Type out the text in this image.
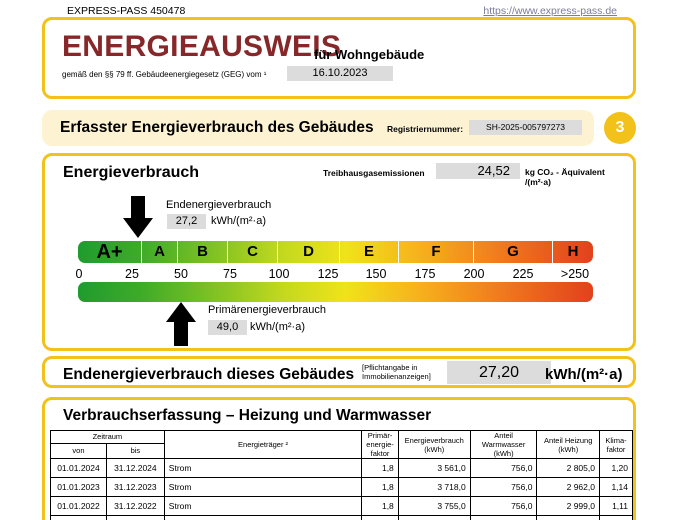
EXPRESS-PASS 450478	https://www.express-pass.de
ENERGIEAUSWEIS
für Wohngebäude
gemäß den §§ 79 ff. Gebäudeenergiegesetz (GEG) vom ¹	16.10.2023
Erfasster Energieverbrauch des Gebäudes Registriernummer:	SH-2025-005797273	3
Energieverbrauch	Treibhausgasemissionen	24,52	kg CO₂ - Äquivalent /(m²·a)
Endenergieverbrauch
27,2	kWh/(m²·a)
A+	A	B	C	D	E	F	G	H
0	25	50	75	100 125 150 175 200 225 >250
Primärenergieverbrauch
49,0	kWh/(m²·a)
Endenergieverbrauch dieses Gebäudes [Pflichtangabe in Immobilienanzeigen]	27,20	kWh/(m²·a)
Verbrauchserfassung – Heizung und Warmwasser
Zeitraum		Energieträger ²	Primär-energie-faktor	Energieverbrauch (kWh)	Anteil Warmwasser (kWh)	Anteil Heizung (kWh)	Klima-faktor
von	bis						
01.01.2024	31.12.2024	Strom	1,8	3 561,0	756,0	2 805,0	1,20
01.01.2023	31.12.2023	Strom	1,8	3 718,0	756,0	2 962,0	1,14
01.01.2022	31.12.2022	Strom	1,8	3 755,0	756,0	2 999,0	1,11
